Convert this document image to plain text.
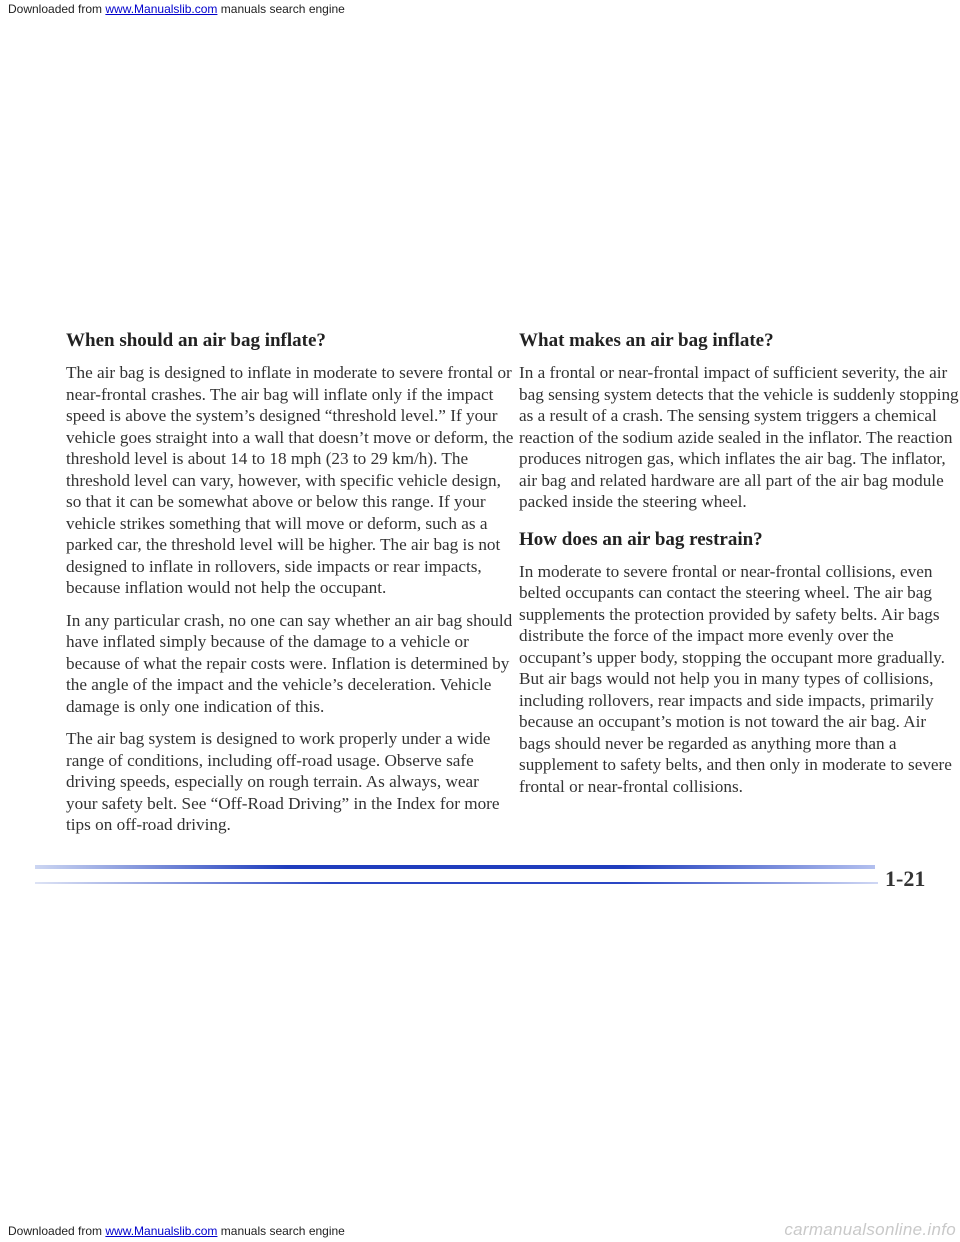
Downloaded from www.Manualslib.com manuals search engine
When should an air bag inflate?

The air bag is designed to inflate in moderate to severe frontal or near-frontal crashes. The air bag will inflate only if the impact speed is above the system’s designed “threshold level.” If your vehicle goes straight into a wall that doesn’t move or deform, the threshold level is about 14 to 18 mph (23 to 29 km/h). The threshold level can vary, however, with specific vehicle design, so that it can be somewhat above or below this range. If your vehicle strikes something that will move or deform, such as a parked car, the threshold level will be higher. The air bag is not designed to inflate in rollovers, side impacts or rear impacts, because inflation would not help the occupant.

In any particular crash, no one can say whether an air bag should have inflated simply because of the damage to a vehicle or because of what the repair costs were. Inflation is determined by the angle of the impact and the vehicle’s deceleration. Vehicle damage is only one indication of this.

The air bag system is designed to work properly under a wide range of conditions, including off-road usage. Observe safe driving speeds, especially on rough terrain. As always, wear your safety belt. See “Off-Road Driving” in the Index for more tips on off-road driving.

What makes an air bag inflate?

In a frontal or near-frontal impact of sufficient severity, the air bag sensing system detects that the vehicle is suddenly stopping as a result of a crash. The sensing system triggers a chemical reaction of the sodium azide sealed in the inflator. The reaction produces nitrogen gas, which inflates the air bag. The inflator, air bag and related hardware are all part of the air bag module packed inside the steering wheel.

How does an air bag restrain?

In moderate to severe frontal or near-frontal collisions, even belted occupants can contact the steering wheel. The air bag supplements the protection provided by safety belts. Air bags distribute the force of the impact more evenly over the occupant’s upper body, stopping the occupant more gradually. But air bags would not help you in many types of collisions, including rollovers, rear impacts and side impacts, primarily because an occupant’s motion is not toward the air bag. Air bags should never be regarded as anything more than a supplement to safety belts, and then only in moderate to severe frontal or near-frontal collisions.

1-21
Downloaded from www.Manualslib.com manuals search engine	carmanualsonline.info
